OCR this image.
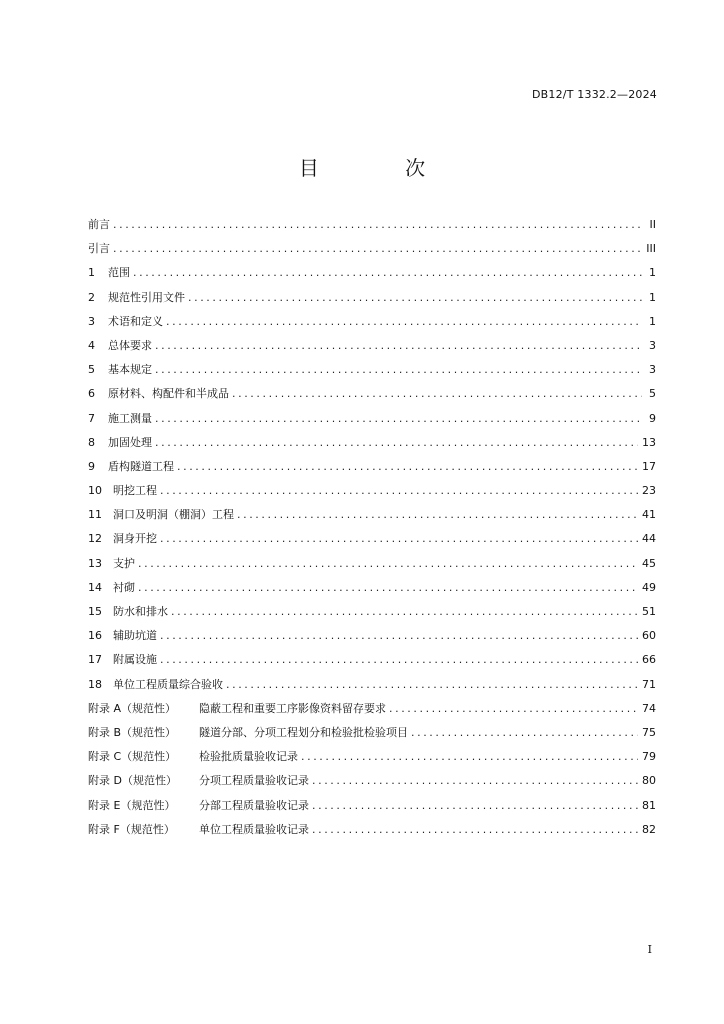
DB12/T 1332.2—2024
目 次
前言 .....	II
引言 .....	III
1	范围 .....	1
2	规范性引用文件 .....	1
3	术语和定义 .....	1
4	总体要求 .....	3
5	基本规定 .....	3
6	原材料、构配件和半成品 .....	5
7	施工测量 .....	9
8	加固处理 .....	13
9	盾构隧道工程 .....	17
10	明挖工程 .....	23
11	洞口及明洞（棚洞）工程 .....	41
12	洞身开挖 .....	44
13	支护 .....	45
14	衬砌 .....	49
15	防水和排水 .....	51
16	辅助坑道 .....	60
17	附属设施 .....	66
18	单位工程质量综合验收 .....	71
附录 A（规范性）	隐蔽工程和重要工序影像资料留存要求 .....	74
附录 B（规范性）	隧道分部、分项工程划分和检验批检验项目 .....	75
附录 C（规范性）	检验批质量验收记录 .....	79
附录 D（规范性）	分项工程质量验收记录 .....	80
附录 E（规范性）	分部工程质量验收记录 .....	81
附录 F（规范性）	单位工程质量验收记录 .....	82
I
